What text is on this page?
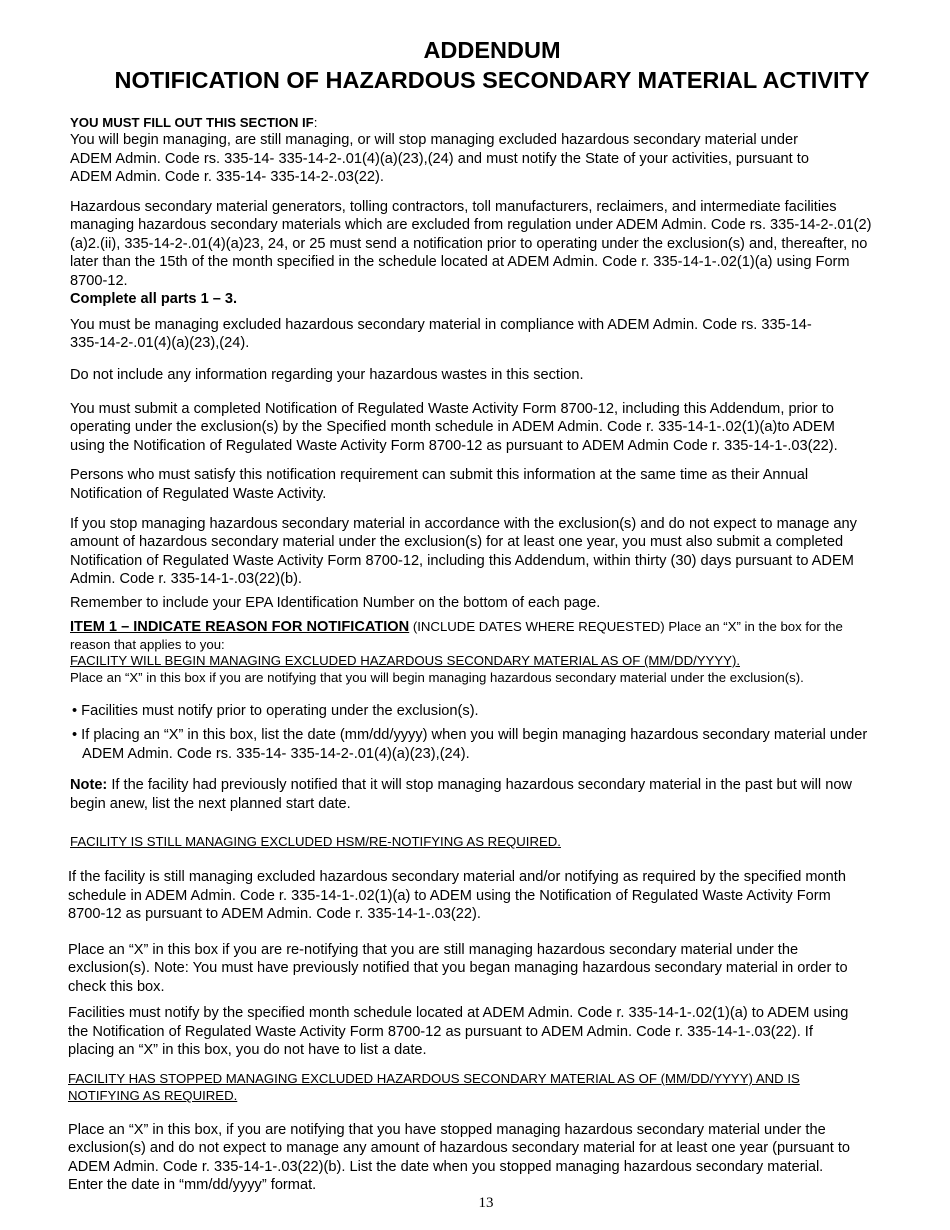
ADDENDUM
NOTIFICATION OF HAZARDOUS SECONDARY MATERIAL ACTIVITY
YOU MUST FILL OUT THIS SECTION IF:
You will begin managing, are still managing, or will stop managing excluded hazardous secondary material under
ADEM Admin. Code rs. 335-14- 335-14-2-.01(4)(a)(23),(24) and must notify the State of your activities, pursuant to
ADEM Admin. Code r. 335-14- 335-14-2-.03(22).
Hazardous secondary material generators, tolling contractors, toll manufacturers, reclaimers, and intermediate facilities
managing hazardous secondary materials which are excluded from regulation under ADEM Admin. Code rs. 335-14-2-.01(2)
(a)2.(ii), 335-14-2-.01(4)(a)23, 24, or 25 must send a notification prior to operating under the exclusion(s) and, thereafter, no
later than the 15th of the month specified in the schedule located at ADEM Admin. Code r. 335-14-1-.02(1)(a) using Form
8700-12.
Complete all parts 1 – 3.
You must be managing excluded hazardous secondary material in compliance with ADEM Admin. Code rs. 335-14-
335-14-2-.01(4)(a)(23),(24).
Do not include any information regarding your hazardous wastes in this section.
You must submit a completed Notification of Regulated Waste Activity Form 8700-12, including this Addendum, prior to
operating under the exclusion(s) by the Specified month schedule in ADEM Admin. Code r. 335-14-1-.02(1)(a)to ADEM
using the Notification of Regulated Waste Activity Form 8700-12 as pursuant to ADEM Admin Code r. 335-14-1-.03(22).
Persons who must satisfy this notification requirement can submit this information at the same time as their Annual
Notification of Regulated Waste Activity.
If you stop managing hazardous secondary material in accordance with the exclusion(s) and do not expect to manage any
amount of hazardous secondary material under the exclusion(s) for at least one year, you must also submit a completed
Notification of Regulated Waste Activity Form 8700-12, including this Addendum, within thirty (30) days pursuant to ADEM
Admin. Code r. 335-14-1-.03(22)(b).
Remember to include your EPA Identification Number on the bottom of each page.
ITEM 1 – INDICATE REASON FOR NOTIFICATION (INCLUDE DATES WHERE REQUESTED) Place an “X” in the box for the
reason that applies to you:
FACILITY WILL BEGIN MANAGING EXCLUDED HAZARDOUS SECONDARY MATERIAL AS OF (MM/DD/YYYY).
Place an “X” in this box if you are notifying that you will begin managing hazardous secondary material under the exclusion(s).
• Facilities must notify prior to operating under the exclusion(s).
• If placing an “X” in this box, list the date (mm/dd/yyyy) when you will begin managing hazardous secondary material under
ADEM Admin. Code rs. 335-14- 335-14-2-.01(4)(a)(23),(24).
Note: If the facility had previously notified that it will stop managing hazardous secondary material in the past but will now
begin anew, list the next planned start date.
FACILITY IS STILL MANAGING EXCLUDED HSM/RE-NOTIFYING AS REQUIRED.
If the facility is still managing excluded hazardous secondary material and/or notifying as required by the specified month
schedule in ADEM Admin. Code r. 335-14-1-.02(1)(a) to ADEM using the Notification of Regulated Waste Activity Form
8700-12 as pursuant to ADEM Admin. Code r. 335-14-1-.03(22).
Place an “X” in this box if you are re-notifying that you are still managing hazardous secondary material under the
exclusion(s). Note: You must have previously notified that you began managing hazardous secondary material in order to
check this box.
Facilities must notify by the specified month schedule located at ADEM Admin. Code r. 335-14-1-.02(1)(a) to ADEM using
the Notification of Regulated Waste Activity Form 8700-12 as pursuant to ADEM Admin. Code r. 335-14-1-.03(22). If
placing an “X” in this box, you do not have to list a date.
FACILITY HAS STOPPED MANAGING EXCLUDED HAZARDOUS SECONDARY MATERIAL AS OF (MM/DD/YYYY) AND IS
NOTIFYING AS REQUIRED.
Place an “X” in this box, if you are notifying that you have stopped managing hazardous secondary material under the
exclusion(s) and do not expect to manage any amount of hazardous secondary material for at least one year (pursuant to
ADEM Admin. Code r. 335-14-1-.03(22)(b). List the date when you stopped managing hazardous secondary material.
Enter the date in “mm/dd/yyyy” format.
13
